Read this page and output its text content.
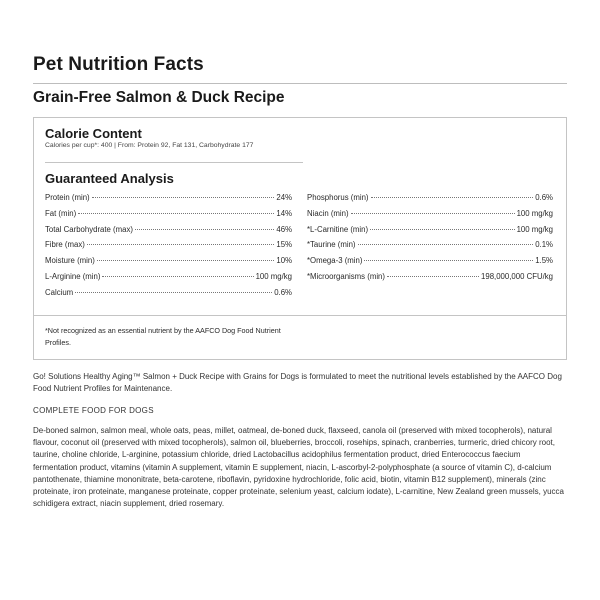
Pet Nutrition Facts
Grain-Free Salmon & Duck Recipe
Calorie Content
Calories per cup*: 400 | From: Protein 92, Fat 131, Carbohydrate 177
Guaranteed Analysis
Protein (min)	24%
Fat (min)	14%
Total Carbohydrate (max)	46%
Fibre (max)	15%
Moisture (min)	10%
L-Arginine (min)	100 mg/kg
Calcium	0.6%
Phosphorus (min)	0.6%
Niacin (min)	100 mg/kg
*L-Carnitine (min)	100 mg/kg
*Taurine (min)	0.1%
*Omega-3 (min)	1.5%
*Microorganisms (min)	198,000,000 CFU/kg
*Not recognized as an essential nutrient by the AAFCO Dog Food Nutrient Profiles.
Go! Solutions Healthy Aging™ Salmon + Duck Recipe with Grains for Dogs is formulated to meet the nutritional levels established by the AAFCO Dog Food Nutrient Profiles for Maintenance.
COMPLETE FOOD FOR DOGS
De-boned salmon, salmon meal, whole oats, peas, millet, oatmeal, de-boned duck, flaxseed, canola oil (preserved with mixed tocopherols), natural flavour, coconut oil (preserved with mixed tocopherols), salmon oil, blueberries, broccoli, rosehips, spinach, cranberries, turmeric, dried chicory root, taurine, choline chloride, L-arginine, potassium chloride, dried Lactobacillus acidophilus fermentation product, dried Enterococcus faecium fermentation product, vitamins (vitamin A supplement, vitamin E supplement, niacin, L-ascorbyl-2-polyphosphate (a source of vitamin C), d-calcium pantothenate, thiamine mononitrate, beta-carotene, riboflavin, pyridoxine hydrochloride, folic acid, biotin, vitamin B12 supplement), minerals (zinc proteinate, iron proteinate, manganese proteinate, copper proteinate, selenium yeast, calcium iodate), L-carnitine, New Zealand green mussels, yucca schidigera extract, niacin supplement, dried rosemary.
